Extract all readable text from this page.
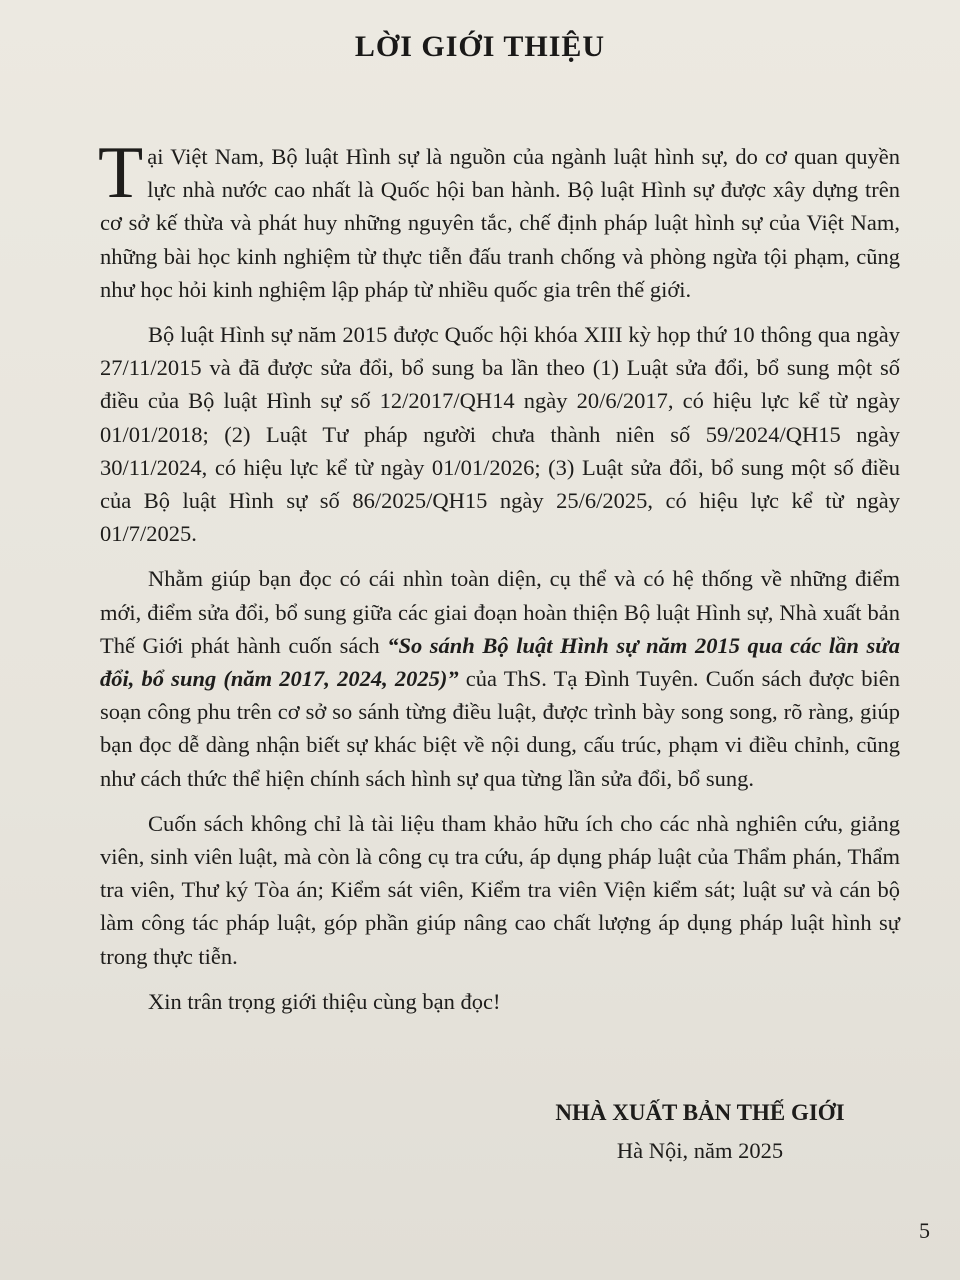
LỜI GIỚI THIỆU

Tại Việt Nam, Bộ luật Hình sự là nguồn của ngành luật hình sự, do cơ quan quyền lực nhà nước cao nhất là Quốc hội ban hành. Bộ luật Hình sự được xây dựng trên cơ sở kế thừa và phát huy những nguyên tắc, chế định pháp luật hình sự của Việt Nam, những bài học kinh nghiệm từ thực tiễn đấu tranh chống và phòng ngừa tội phạm, cũng như học hỏi kinh nghiệm lập pháp từ nhiều quốc gia trên thế giới.

Bộ luật Hình sự năm 2015 được Quốc hội khóa XIII kỳ họp thứ 10 thông qua ngày 27/11/2015 và đã được sửa đổi, bổ sung ba lần theo (1) Luật sửa đổi, bổ sung một số điều của Bộ luật Hình sự số 12/2017/QH14 ngày 20/6/2017, có hiệu lực kể từ ngày 01/01/2018; (2) Luật Tư pháp người chưa thành niên số 59/2024/QH15 ngày 30/11/2024, có hiệu lực kể từ ngày 01/01/2026; (3) Luật sửa đổi, bổ sung một số điều của Bộ luật Hình sự số 86/2025/QH15 ngày 25/6/2025, có hiệu lực kể từ ngày 01/7/2025.

Nhằm giúp bạn đọc có cái nhìn toàn diện, cụ thể và có hệ thống về những điểm mới, điểm sửa đổi, bổ sung giữa các giai đoạn hoàn thiện Bộ luật Hình sự, Nhà xuất bản Thế Giới phát hành cuốn sách “So sánh Bộ luật Hình sự năm 2015 qua các lần sửa đổi, bổ sung (năm 2017, 2024, 2025)” của ThS. Tạ Đình Tuyên. Cuốn sách được biên soạn công phu trên cơ sở so sánh từng điều luật, được trình bày song song, rõ ràng, giúp bạn đọc dễ dàng nhận biết sự khác biệt về nội dung, cấu trúc, phạm vi điều chỉnh, cũng như cách thức thể hiện chính sách hình sự qua từng lần sửa đổi, bổ sung.

Cuốn sách không chỉ là tài liệu tham khảo hữu ích cho các nhà nghiên cứu, giảng viên, sinh viên luật, mà còn là công cụ tra cứu, áp dụng pháp luật của Thẩm phán, Thẩm tra viên, Thư ký Tòa án; Kiểm sát viên, Kiểm tra viên Viện kiểm sát; luật sư và cán bộ làm công tác pháp luật, góp phần giúp nâng cao chất lượng áp dụng pháp luật hình sự trong thực tiễn.

Xin trân trọng giới thiệu cùng bạn đọc!

NHÀ XUẤT BẢN THẾ GIỚI
Hà Nội, năm 2025
5
